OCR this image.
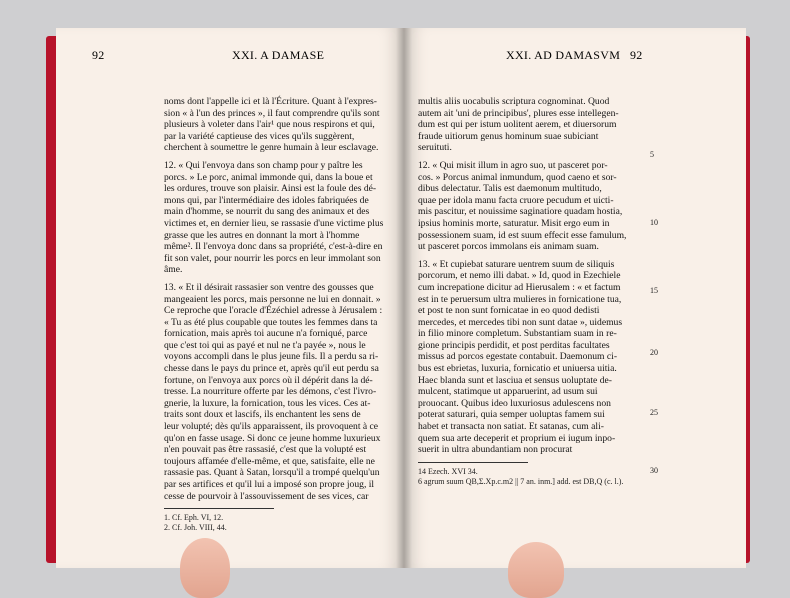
92	XXI. A DAMASE	XXI. AD DAMASVM 92
noms dont l'appelle ici et là l'Écriture. Quant à l'expres-
sion « à l'un des princes », il faut comprendre qu'ils sont
plusieurs à voleter dans l'air¹ que nous respirons et qui,
par la variété captieuse des vices qu'ils suggèrent,
cherchent à soumettre le genre humain à leur esclavage.
12. « Qui l'envoya dans son champ pour y paître les
porcs. » Le porc, animal immonde qui, dans la boue et
les ordures, trouve son plaisir. Ainsi est la foule des dé-
mons qui, par l'intermédiaire des idoles fabriquées de
main d'homme, se nourrit du sang des animaux et des
victimes et, en dernier lieu, se rassasie d'une victime plus
grasse que les autres en donnant la mort à l'homme
même². Il l'envoya donc dans sa propriété, c'est-à-dire en
fit son valet, pour nourrir les porcs en leur immolant son
âme.
13. « Et il désirait rassasier son ventre des gousses que
mangeaient les porcs, mais personne ne lui en donnait. »
Ce reproche que l'oracle d'Ézéchiel adresse à Jérusalem :
« Tu as été plus coupable que toutes les femmes dans ta
fornication, mais après toi aucune n'a forniqué, parce
que c'est toi qui as payé et nul ne t'a payée », nous le
voyons accompli dans le plus jeune fils. Il a perdu sa ri-
chesse dans le pays du prince et, après qu'il eut perdu sa
fortune, on l'envoya aux porcs où il dépérit dans la dé-
tresse. La nourriture offerte par les démons, c'est l'ivro-
gnerie, la luxure, la fornication, tous les vices. Ces at-
traits sont doux et lascifs, ils enchantent les sens de
leur volupté; dès qu'ils apparaissent, ils provoquent à ce
qu'on en fasse usage. Si donc ce jeune homme luxurieux
n'en pouvait pas être rassasié, c'est que la volupté est
toujours affamée d'elle-même, et que, satisfaite, elle ne
rassasie pas. Quant à Satan, lorsqu'il a trompé quelqu'un
par ses artifices et qu'il lui a imposé son propre joug, il
cesse de pourvoir à l'assouvissement de ses vices, car
1. Cf. Eph. VI, 12.
2. Cf. Joh. VIII, 44.
multis aliis uocabulis scriptura cognominat. Quod
autem ait 'uni de principibus', plures esse intellegen-
dum est qui per istum uolitent aerem, et diuersorum
fraude uitiorum genus hominum suae subiciant
seruituti.
12. « Qui misit illum in agro suo, ut pasceret por-
cos. » Porcus animal inmundum, quod caeno et sor-
dibus delectatur. Talis est daemonum multitudo,
quae per idola manu facta cruore pecudum et uicti-
mis pascitur, et nouissime saginatiore quadam hostia,
ipsius hominis morte, saturatur. Misit ergo eum in
possessionem suam, id est suum effecit esse famulum,
ut pasceret porcos immolans eis animam suam.
13. « Et cupiebat saturare uentrem suum de siliquis
porcorum, et nemo illi dabat. » Id, quod in Ezechiele
cum increpatione dicitur ad Hierusalem : « et factum
est in te peruersum ultra mulieres in fornicatione tua,
et post te non sunt fornicatae in eo quod dedisti
mercedes, et mercedes tibi non sunt datae », uidemus
in filio minore completum. Substantiam suam in re-
gione principis perdidit, et post perditas facultates
missus ad porcos egestate contabuit. Daemonum ci-
bus est ebrietas, luxuria, fornicatio et uniuersa uitia.
Haec blanda sunt et lasciua et sensus uoluptate de-
mulcent, statimque ut apparuerint, ad usum sui
prouocant. Quibus ideo luxuriosus adulescens non
poterat saturari, quia semper uoluptas famem sui
habet et transacta non satiat. Et satanas, cum ali-
quem sua arte deceperit et proprium ei iugum inpo-
suerit in ultra abundantiam non procurat
14 Ezech. XVI 34.
6 agrum suum QB,Σ.Xp.c.m2 || 7 an. inm.] add. est DB,Q (c. l.).
5
10
15
20
25
30
